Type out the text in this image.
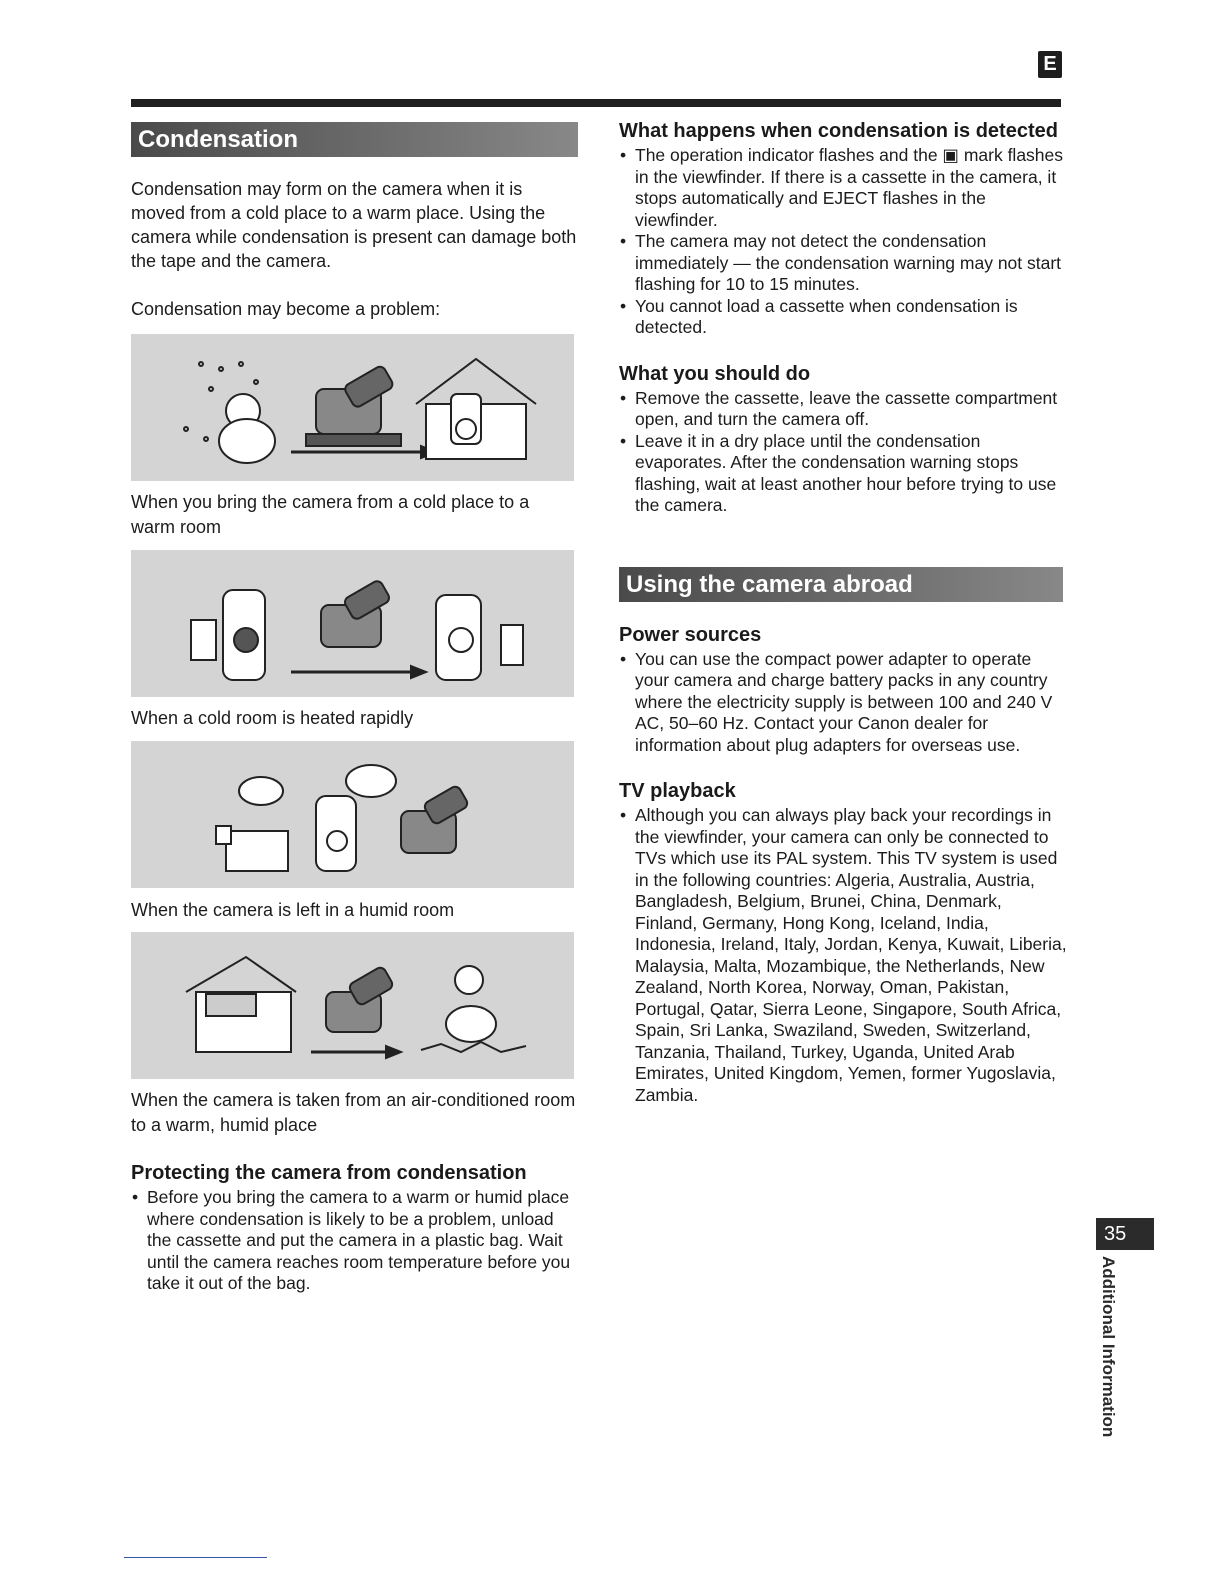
E
Condensation

Condensation may form on the camera when it is moved from a cold place to a warm place. Using the camera while condensation is present can damage both the tape and the camera.

Condensation may become a problem:

When you bring the camera from a cold place to a warm room

When a cold room is heated rapidly

When the camera is left in a humid room

When the camera is taken from an air-conditioned room to a warm, humid place

Protecting the camera from condensation
• Before you bring the camera to a warm or humid place where condensation is likely to be a problem, unload the cassette and put the camera in a plastic bag. Wait until the camera reaches room temperature before you take it out of the bag.
What happens when condensation is detected
• The operation indicator flashes and the ▣ mark flashes in the viewfinder. If there is a cassette in the camera, it stops automatically and EJECT flashes in the viewfinder.
• The camera may not detect the condensation immediately — the condensation warning may not start flashing for 10 to 15 minutes.
• You cannot load a cassette when condensation is detected.
What you should do
• Remove the cassette, leave the cassette compartment open, and turn the camera off.
• Leave it in a dry place until the condensation evaporates. After the condensation warning stops flashing, wait at least another hour before trying to use the camera.
Using the camera abroad
Power sources
• You can use the compact power adapter to operate your camera and charge battery packs in any country where the electricity supply is between 100 and 240 V AC, 50–60 Hz. Contact your Canon dealer for information about plug adapters for overseas use.
TV playback
• Although you can always play back your recordings in the viewfinder, your camera can only be connected to TVs which use its PAL system. This TV system is used in the following countries: Algeria, Australia, Austria, Bangladesh, Belgium, Brunei, China, Denmark, Finland, Germany, Hong Kong, Iceland, India, Indonesia, Ireland, Italy, Jordan, Kenya, Kuwait, Liberia, Malaysia, Malta, Mozambique, the Netherlands, New Zealand, North Korea, Norway, Oman, Pakistan, Portugal, Qatar, Sierra Leone, Singapore, South Africa, Spain, Sri Lanka, Swaziland, Sweden, Switzerland, Tanzania, Thailand, Turkey, Uganda, United Arab Emirates, United Kingdom, Yemen, former Yugoslavia, Zambia.
35
Additional Information
